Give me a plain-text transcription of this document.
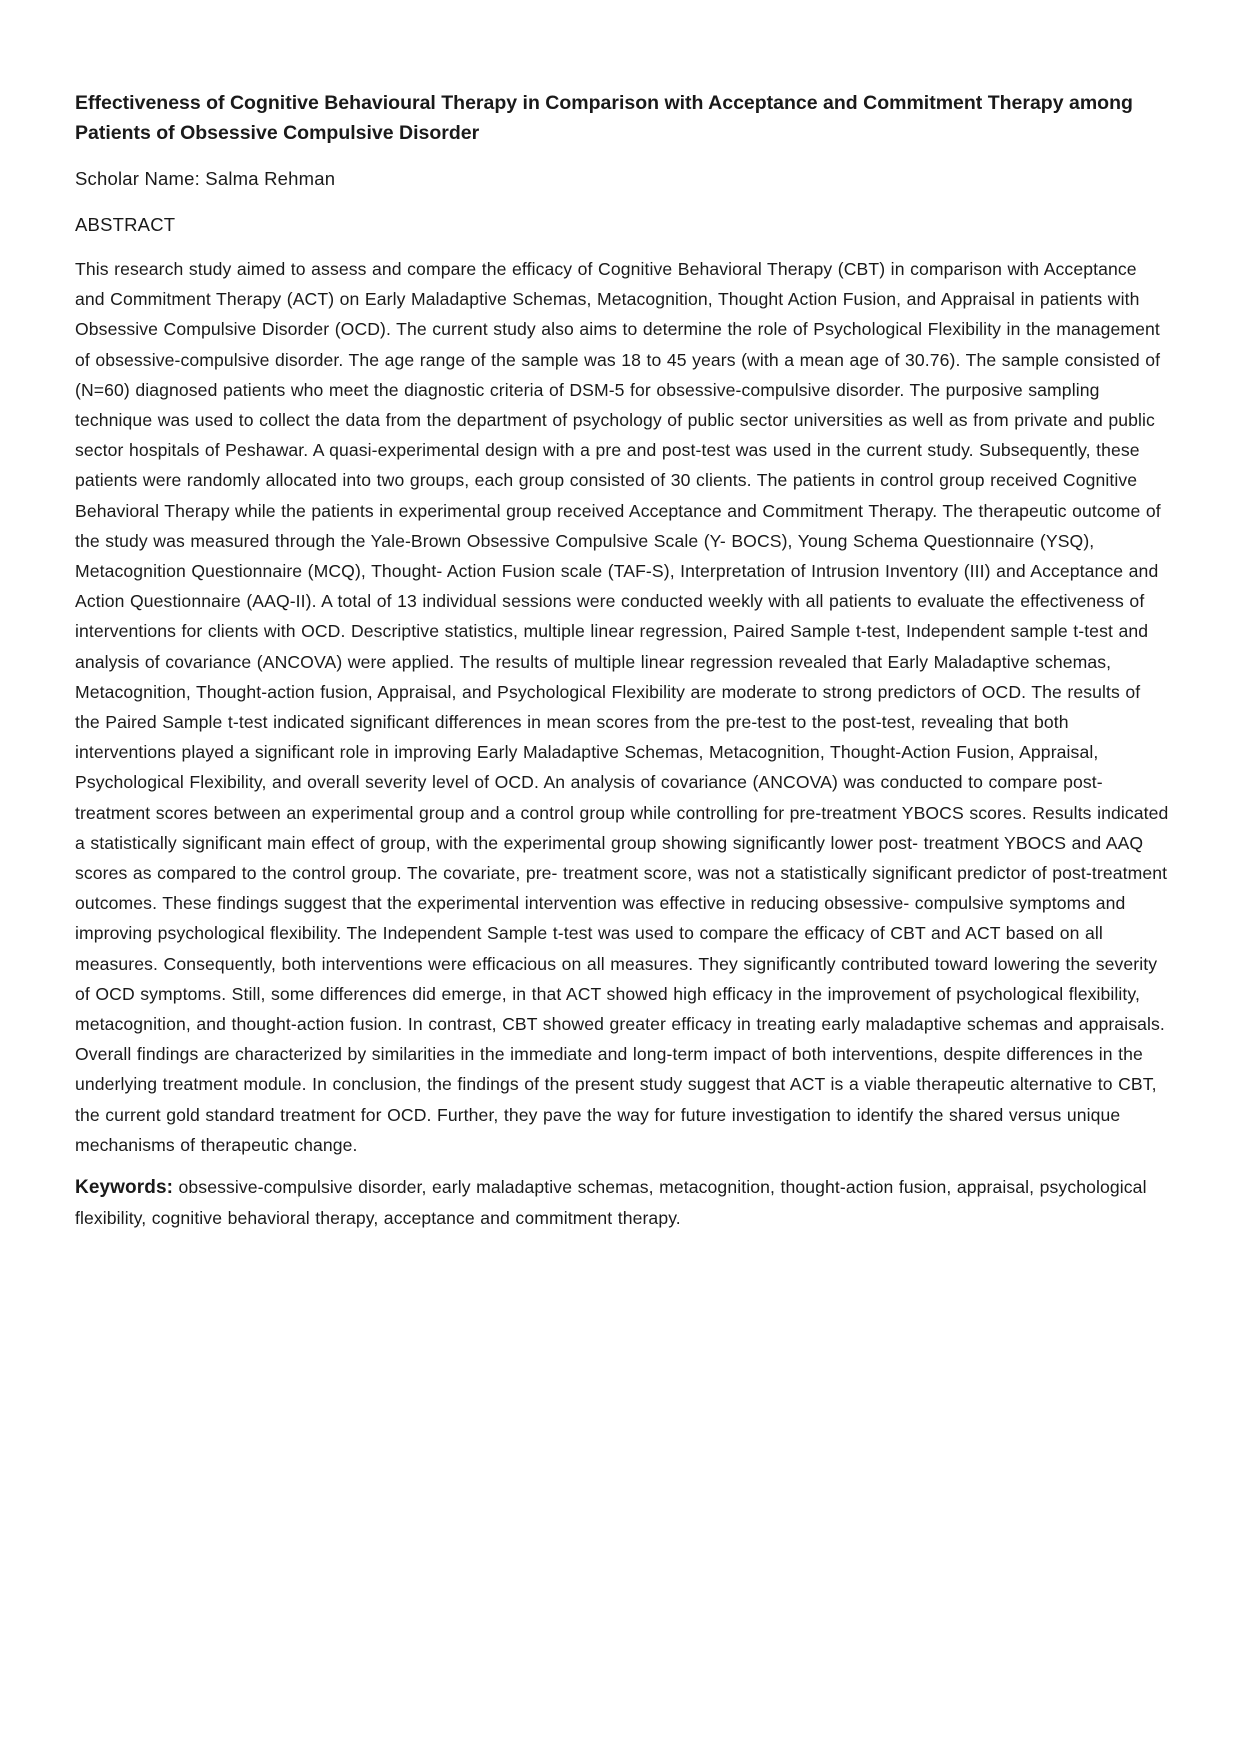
Effectiveness of Cognitive Behavioural Therapy in Comparison with Acceptance and Commitment Therapy among Patients of Obsessive Compulsive Disorder

Scholar Name: Salma Rehman

ABSTRACT

This research study aimed to assess and compare the efficacy of Cognitive Behavioral Therapy (CBT) in comparison with Acceptance and Commitment Therapy (ACT) on Early Maladaptive Schemas, Metacognition, Thought Action Fusion, and Appraisal in patients with Obsessive Compulsive Disorder (OCD). The current study also aims to determine the role of Psychological Flexibility in the management of obsessive-compulsive disorder. The age range of the sample was 18 to 45 years (with a mean age of 30.76). The sample consisted of (N=60) diagnosed patients who meet the diagnostic criteria of DSM-5 for obsessive-compulsive disorder. The purposive sampling technique was used to collect the data from the department of psychology of public sector universities as well as from private and public sector hospitals of Peshawar. A quasi-experimental design with a pre and post-test was used in the current study. Subsequently, these patients were randomly allocated into two groups, each group consisted of 30 clients. The patients in control group received Cognitive Behavioral Therapy while the patients in experimental group received Acceptance and Commitment Therapy. The therapeutic outcome of the study was measured through the Yale-Brown Obsessive Compulsive Scale (Y- BOCS), Young Schema Questionnaire (YSQ), Metacognition Questionnaire (MCQ), Thought- Action Fusion scale (TAF-S), Interpretation of Intrusion Inventory (III) and Acceptance and Action Questionnaire (AAQ-II). A total of 13 individual sessions were conducted weekly with all patients to evaluate the effectiveness of interventions for clients with OCD. Descriptive statistics, multiple linear regression, Paired Sample t-test, Independent sample t-test and analysis of covariance (ANCOVA) were applied. The results of multiple linear regression revealed that Early Maladaptive schemas, Metacognition, Thought-action fusion, Appraisal, and Psychological Flexibility are moderate to strong predictors of OCD. The results of the Paired Sample t-test indicated significant differences in mean scores from the pre-test to the post-test, revealing that both interventions played a significant role in improving Early Maladaptive Schemas, Metacognition, Thought-Action Fusion, Appraisal, Psychological Flexibility, and overall severity level of OCD. An analysis of covariance (ANCOVA) was conducted to compare post-treatment scores between an experimental group and a control group while controlling for pre-treatment YBOCS scores. Results indicated a statistically significant main effect of group, with the experimental group showing significantly lower post- treatment YBOCS and AAQ scores as compared to the control group. The covariate, pre- treatment score, was not a statistically significant predictor of post-treatment outcomes. These findings suggest that the experimental intervention was effective in reducing obsessive- compulsive symptoms and improving psychological flexibility. The Independent Sample t-test was used to compare the efficacy of CBT and ACT based on all measures. Consequently, both interventions were efficacious on all measures. They significantly contributed toward lowering the severity of OCD symptoms. Still, some differences did emerge, in that ACT showed high efficacy in the improvement of psychological flexibility, metacognition, and thought-action fusion. In contrast, CBT showed greater efficacy in treating early maladaptive schemas and appraisals. Overall findings are characterized by similarities in the immediate and long-term impact of both interventions, despite differences in the underlying treatment module. In conclusion, the findings of the present study suggest that ACT is a viable therapeutic alternative to CBT, the current gold standard treatment for OCD. Further, they pave the way for future investigation to identify the shared versus unique mechanisms of therapeutic change.

Keywords: obsessive-compulsive disorder, early maladaptive schemas, metacognition, thought-action fusion, appraisal, psychological flexibility, cognitive behavioral therapy, acceptance and commitment therapy.
